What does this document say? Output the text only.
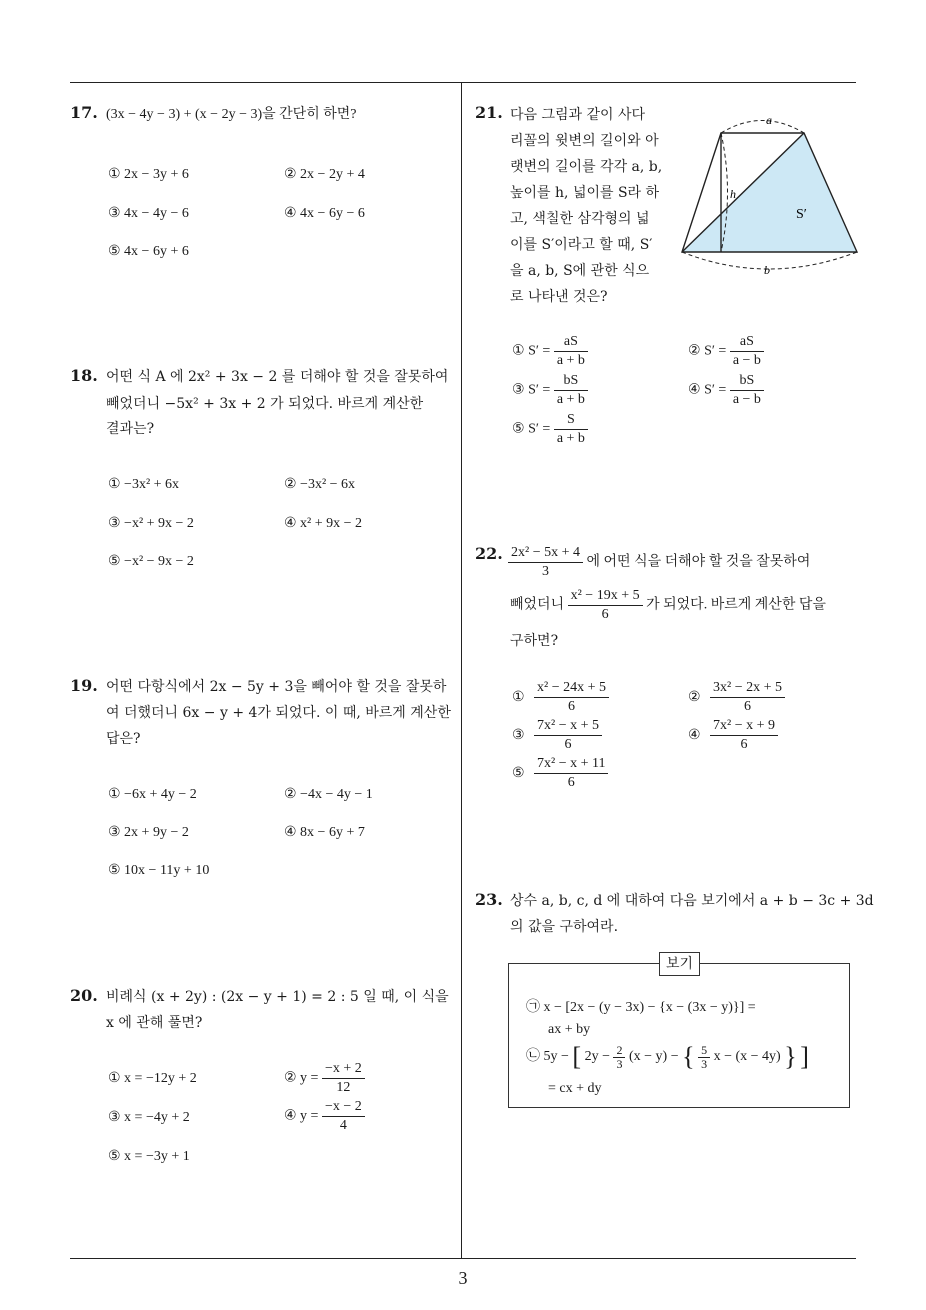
17. (3x − 4y − 3) + (x − 2y − 3)을 간단히 하면?
① 2x − 3y + 6	② 2x − 2y + 4
③ 4x − 4y − 6	④ 4x − 6y − 6
⑤ 4x − 6y + 6
18. 어떤 식 A 에 2x² + 3x − 2 를 더해야 할 것을 잘못하여
빼었더니 −5x² + 3x + 2 가 되었다. 바르게 계산한
결과는?
① −3x² + 6x	② −3x² − 6x
③ −x² + 9x − 2	④ x² + 9x − 2
⑤ −x² − 9x − 2
19. 어떤 다항식에서 2x − 5y + 3을 빼어야 할 것을 잘못하
여 더했더니 6x − y + 4가 되었다. 이 때, 바르게 계산한
답은?
① −6x + 4y − 2	② −4x − 4y − 1
③ 2x + 9y − 2	④ 8x − 6y + 7
⑤ 10x − 11y + 10
20. 비례식 (x + 2y) : (2x − y + 1) = 2 : 5 일 때, 이 식을
x 에 관해 풀면?
① x = −12y + 2	② $y = \frac{-x + 2}{12}$
③ x = −4y + 2	④ $y = \frac{-x - 2}{4}$
⑤ x = −3y + 1
21. 다음 그림과 같이 사다
리꼴의 윗변의 길이와 아
랫변의 길이를 각각 a, b,
높이를 h, 넓이를 S라 하
고, 색칠한 삼각형의 넓
이를 S′이라고 할 때, S′
을 a, b, S에 관한 식으
로 나타낸 것은?
a
h
S′
b
① $S' = \frac{aS}{a + b}$	② $S' = \frac{aS}{a - b}$
③ $S' = \frac{bS}{a + b}$	④ $S' = \frac{bS}{a - b}$
⑤ $S' = \frac{S}{a + b}$
22. $\frac{\text{2x² − 5x + 4}}{3}$ 에 어떤 식을 더해야 할 것을 잘못하여
빼었더니 $\frac{\text{x² − 19x + 5}}{6}$ 가 되었다. 바르게 계산한 답을
구하면?
① $\frac{\text{x² − 24x + 5}}{6}$	② $\frac{\text{3x² − 2x + 5}}{6}$
③ $\frac{\text{7x² − x + 5}}{6}$	④ $\frac{\text{7x² − x + 9}}{6}$
⑤ $\frac{\text{7x² − x + 11}}{6}$
23. 상수 a, b, c, d 에 대하여 다음 보기에서 a + b − 3c + 3d
의 값을 구하여라.
보기
㉠ x − [2x − (y − 3x) − {x − (3x − y)}] =
ax + by
㉡ 5y − [ $2y - \frac{2}{3} (x - y)$ − { $\frac{5}{3}$ x − (x − 4y) } ]
= cx + dy
3
